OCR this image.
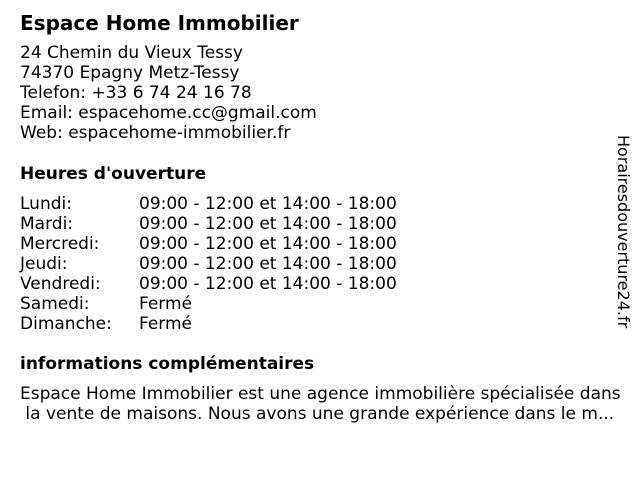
Espace Home Immobilier
24 Chemin du Vieux Tessy
74370 Epagny Metz-Tessy
Telefon: +33 6 74 24 16 78
Email: espacehome.cc@gmail.com
Web: espacehome-immobilier.fr
Heures d'ouverture
Lundi:	09:00 - 12:00 et 14:00 - 18:00
Mardi:	09:00 - 12:00 et 14:00 - 18:00
Mercredi:	09:00 - 12:00 et 14:00 - 18:00
Jeudi:	09:00 - 12:00 et 14:00 - 18:00
Vendredi:	09:00 - 12:00 et 14:00 - 18:00
Samedi:	Fermé
Dimanche:	Fermé
informations complémentaires
Espace Home Immobilier est une agence immobilière spécialisée dans
la vente de maisons. Nous avons une grande expérience dans le m...
Horairesdouverture24.fr
